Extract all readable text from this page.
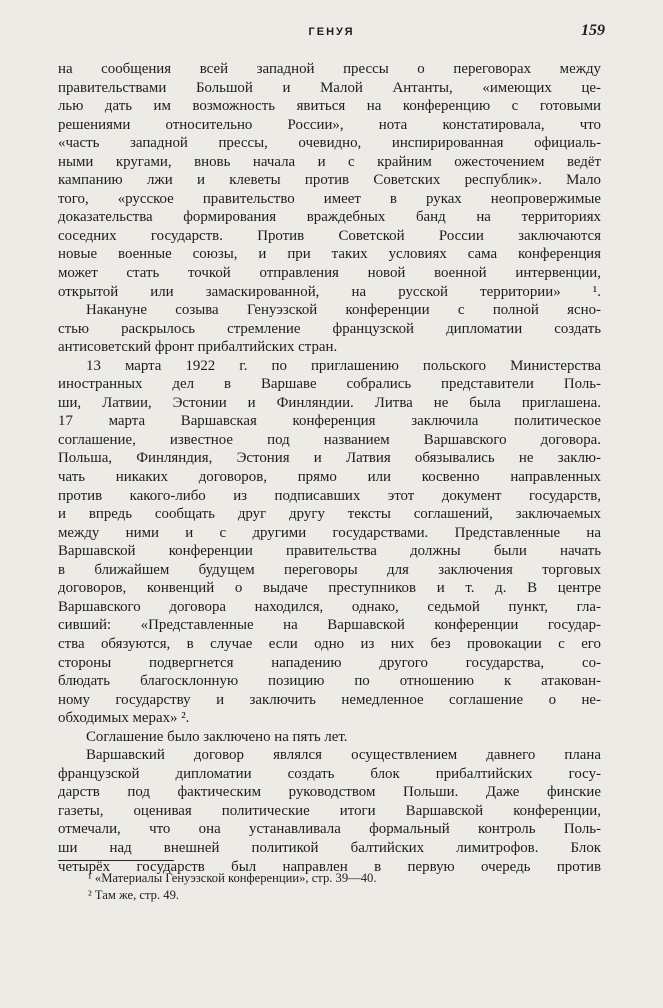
ГЕНУЯ	159
на сообщения всей западной прессы о переговорах между
правительствами Большой и Малой Антанты, «имеющих це-
лью дать им возможность явиться на конференцию с готовыми
решениями относительно России», нота констатировала, что
«часть западной прессы, очевидно, инспирированная официаль-
ными кругами, вновь начала и с крайним ожесточением ведёт
кампанию лжи и клеветы против Советских республик». Мало
того, «русское правительство имеет в руках неопровержимые
доказательства формирования враждебных банд на территориях
соседних государств. Против Советской России заключаются
новые военные союзы, и при таких условиях сама конференция
может стать точкой отправления новой военной интервенции,
открытой или замаскированной, на русской территории» ¹.
Накануне созыва Генуэзской конференции с полной ясно-
стью раскрылось стремление французской дипломатии создать
антисоветский фронт прибалтийских стран.
13 марта 1922 г. по приглашению польского Министерства
иностранных дел в Варшаве собрались представители Поль-
ши, Латвии, Эстонии и Финляндии. Литва не была приглашена.
17 марта Варшавская конференция заключила политическое
соглашение, известное под названием Варшавского договора.
Польша, Финляндия, Эстония и Латвия обязывались не заклю-
чать никаких договоров, прямо или косвенно направленных
против какого-либо из подписавших этот документ государств,
и впредь сообщать друг другу тексты соглашений, заключаемых
между ними и с другими государствами. Представленные на
Варшавской конференции правительства должны были начать
в ближайшем будущем переговоры для заключения торговых
договоров, конвенций о выдаче преступников и т. д. В центре
Варшавского договора находился, однако, седьмой пункт, гла-
сивший: «Представленные на Варшавской конференции государ-
ства обязуются, в случае если одно из них без провокации с его
стороны подвергнется нападению другого государства, со-
блюдать благосклонную позицию по отношению к атакован-
ному государству и заключить немедленное соглашение о не-
обходимых мерах» ².
Соглашение было заключено на пять лет.
Варшавский договор являлся осуществлением давнего плана
французской дипломатии создать блок прибалтийских госу-
дарств под фактическим руководством Польши. Даже финские
газеты, оценивая политические итоги Варшавской конференции,
отмечали, что она устанавливала формальный контроль Поль-
ши над внешней политикой балтийских лимитрофов. Блок
четырёх государств был направлен в первую очередь против
¹ «Материалы Генуэзской конференции», стр. 39—40.
² Там же, стр. 49.
